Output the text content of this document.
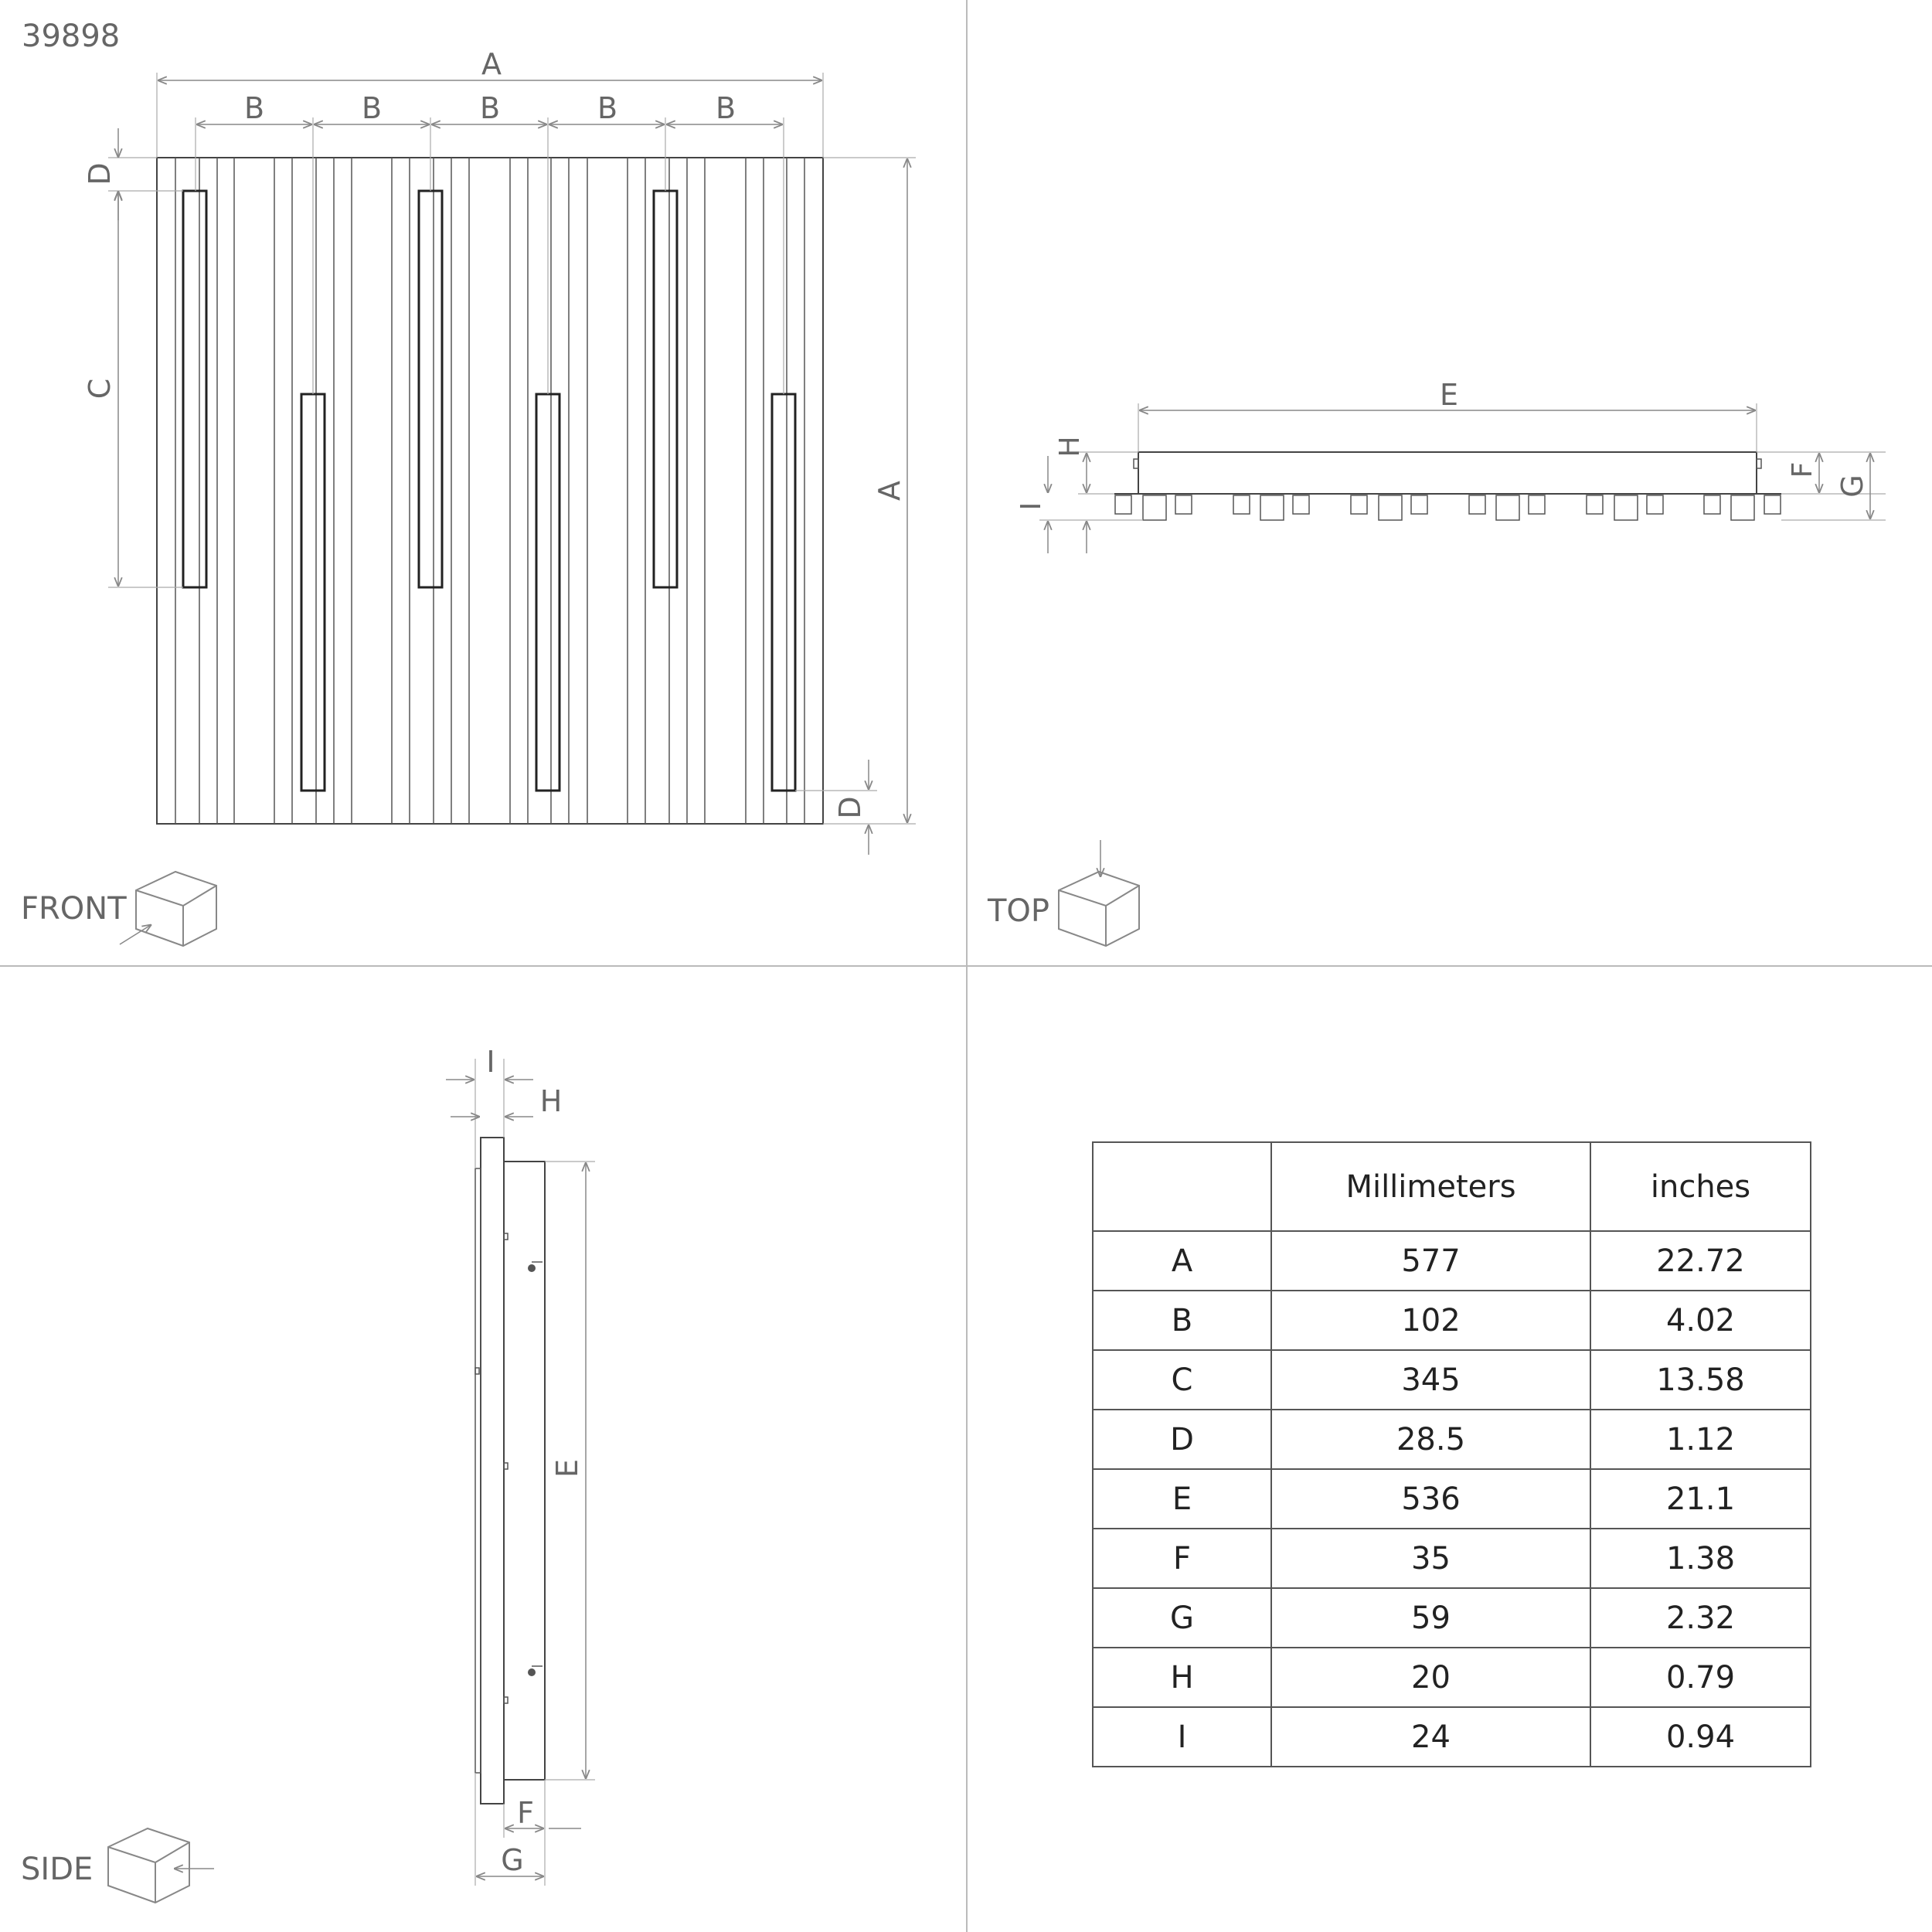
39898
A
B	B	B	B	B
D
C
A
D
FRONT
E
H
I
F
G
TOP
I
H
E
F
G
SIDE
	Millimeters	inches
A	577	22.72
B	102	4.02
C	345	13.58
D	28.5	1.12
E	536	21.1
F	35	1.38
G	59	2.32
H	20	0.79
I	24	0.94
